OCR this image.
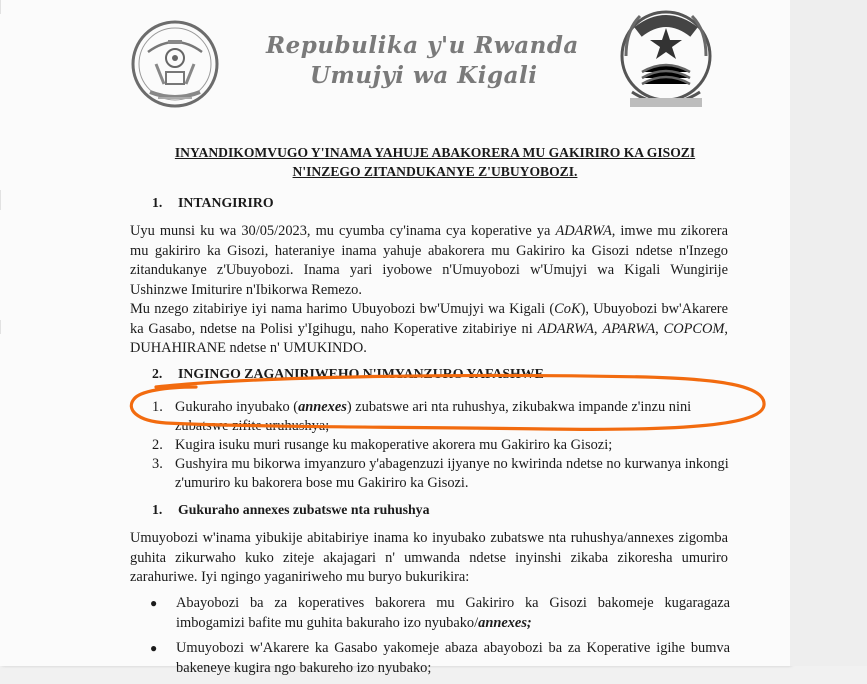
Repubulika y'u Rwanda
Umujyi wa Kigali
INYANDIKOMVUGO Y'INAMA YAHUJE ABAKORERA MU GAKIRIRO KA GISOZI
N'INZEGO ZITANDUKANYE Z'UBUYOBOZI.
1. INTANGIRIRO
Uyu munsi ku wa 30/05/2023, mu cyumba cy'inama cya koperative ya ADARWA, imwe mu zikorera mu gakiriro ka Gisozi, hateraniye inama yahuje abakorera mu Gakiriro ka Gisozi ndetse n'Inzego zitandukanye z'Ubuyobozi. Inama yari iyobowe n'Umuyobozi w'Umujyi wa Kigali Wungirije Ushinzwe Imiturire n'Ibikorwa Remezo.
Mu nzego zitabiriye iyi nama harimo Ubuyobozi bw'Umujyi wa Kigali (CoK), Ubuyobozi bw'Akarere ka Gasabo, ndetse na Polisi y'Igihugu, naho Koperative zitabiriye ni ADARWA, APARWA, COPCOM, DUHAHIRANE ndetse n' UMUKINDO.
2. INGINGO ZAGANIRIWEHO N'IMYANZURO YAFASHWE
1. Gukuraho inyubako (annexes) zubatswe ari nta ruhushya, zikubakwa impande z'inzu nini zubatswe zifite uruhushya;
2. Kugira isuku muri rusange ku makoperative akorera mu Gakiriro ka Gisozi;
3. Gushyira mu bikorwa imyanzuro y'abagenzuzi ijyanye no kwirinda ndetse no kurwanya inkongi z'umuriro ku bakorera bose mu Gakiriro ka Gisozi.
1. Gukuraho annexes zubatswe nta ruhushya
Umuyobozi w'inama yibukije abitabiriye inama ko inyubako zubatswe nta ruhushya/annexes zigomba guhita zikurwaho kuko ziteje akajagari n' umwanda ndetse inyinshi zikaba zikoresha umuriro zarahuriwe. Iyi ngingo yaganiriweho mu buryo bukurikira:
● Abayobozi ba za koperatives bakorera mu Gakiriro ka Gisozi bakomeje kugaragaza imbogamizi bafite mu guhita bakuraho izo nyubako/annexes;
● Umuyobozi w'Akarere ka Gasabo yakomeje abaza abayobozi ba za Koperative igihe bumva bakeneye kugira ngo bakureho izo nyubako;
